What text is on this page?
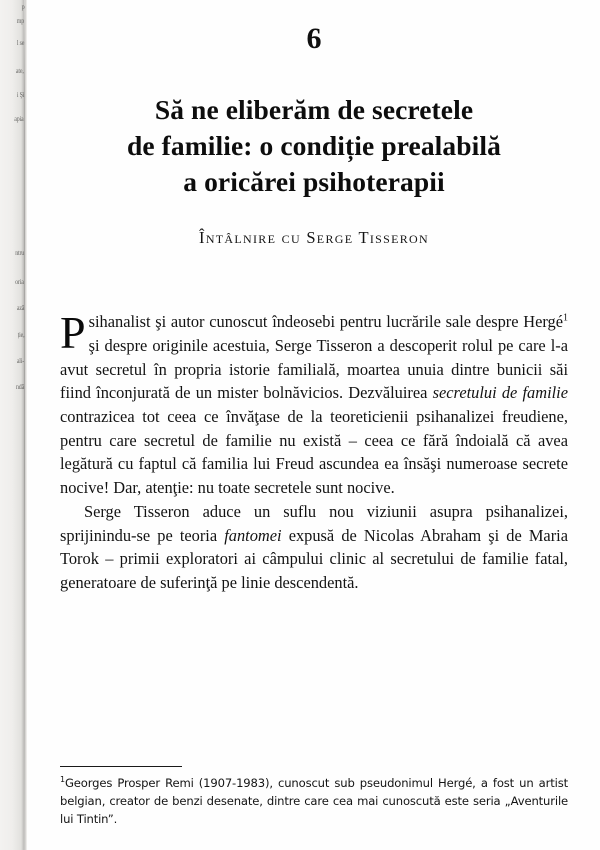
p
mp
l se
ate,
i Şi
apia
ntru
oria
ază
ție,
ali-
ndă
6
Să ne eliberăm de secretele
de familie: o condiție prealabilă
a oricărei psihoterapii
Întâlnire cu Serge Tisseron

Psihanalist şi autor cunoscut îndeosebi pentru lucrările sale despre Hergé$^1$ şi despre originile acestuia, Serge Tisseron a descoperit rolul pe care l-a avut secretul în propria istorie familială, moartea unuia dintre bunicii săi fiind înconjurată de un mister bolnăvicios. Dezvăluirea secretului de familie contrazicea tot ceea ce învăţase de la teoreticienii psihanalizei freudiene, pentru care secretul de familie nu există – ceea ce fără îndoială că avea legătură cu faptul că familia lui Freud ascundea ea însăşi numeroase secrete nocive! Dar, atenţie: nu toate secretele sunt nocive.

Serge Tisseron aduce un suflu nou viziunii asupra psihanalizei, sprijinindu-se pe teoria fantomei expusă de Nicolas Abraham şi de Maria Torok – primii exploratori ai câmpului clinic al secretului de familie fatal, generatoare de suferinţă pe linie descendentă.

$^1$Georges Prosper Remi (1907-1983), cunoscut sub pseudonimul Hergé, a fost un artist belgian, creator de benzi desenate, dintre care cea mai cunoscută este seria „Aventurile lui Tintin”.
